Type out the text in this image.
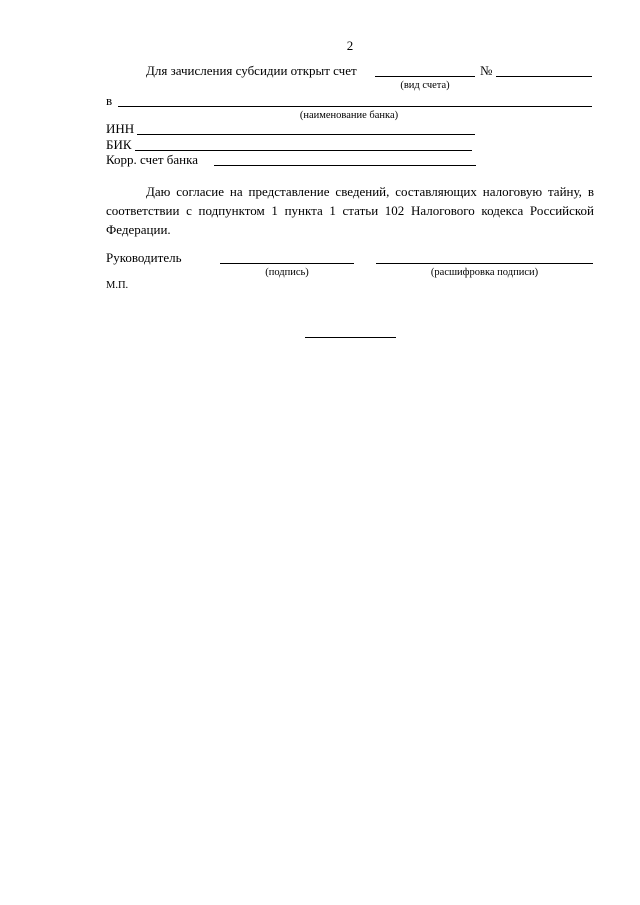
2
Для зачисления субсидии открыт счет	№
(вид счета)
в
(наименование банка)
ИНН
БИК
Корр. счет банка
Даю согласие на представление сведений, составляющих налоговую тайну, в соответствии с подпунктом 1 пункта 1 статьи 102 Налогового кодекса Российской Федерации.
Руководитель
(подпись)	(расшифровка подписи)
М.П.
